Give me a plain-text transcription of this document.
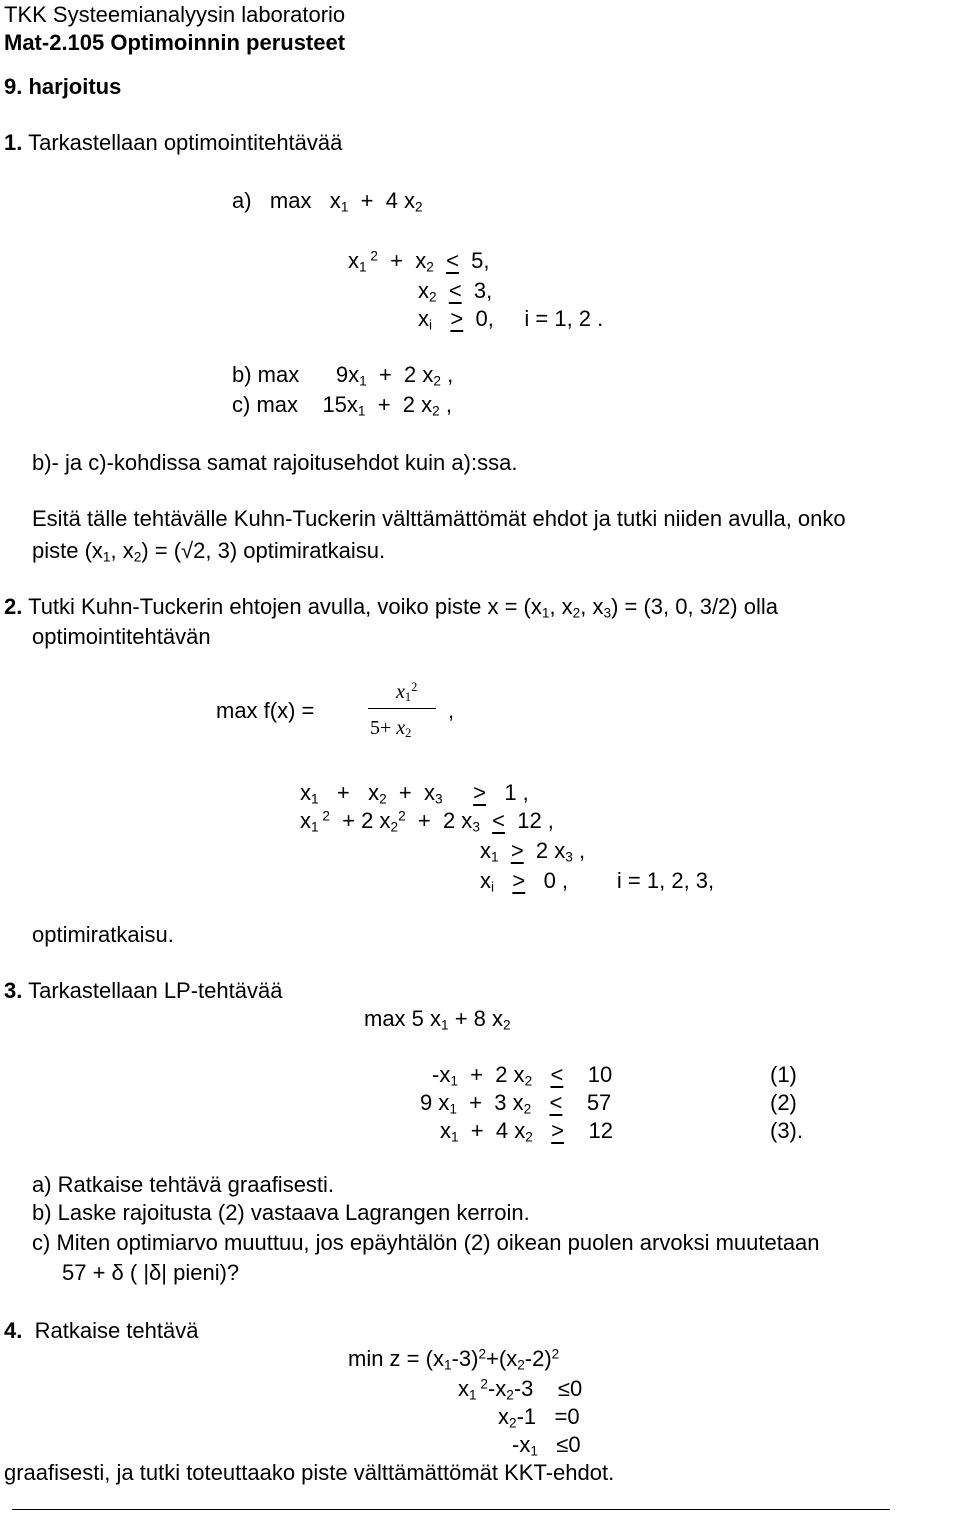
TKK Systeemianalyysin laboratorio
Mat-2.105 Optimoinnin perusteet
9. harjoitus
1. Tarkastellaan optimointitehtävää
a) $\max x_1 + 4$ $x_2$
$x_1$ $^2 + x_2 < 5$,
$x_2 < 3$,
$x_i > 0$,     i = 1, 2 .
b) max      $9x_1 + 2$ $x_2$ ,
c) max    $15x_1 + 2$ $x_2$ ,
b)- ja c)-kohdissa samat rajoitusehdot kuin a):ssa.
Esitä tälle tehtävälle Kuhn-Tuckerin välttämättömät ehdot ja tutki niiden avulla, onko
piste ($x_1$, $x_2) = (√2$, 3) optimiratkaisu.
2. Tutki Kuhn-Tuckerin ehtojen avulla, voiko piste $x = (x_1$, $x_2$, $x_3) = (3$, 0, 3/2) olla
optimointitehtävän
max f(x) =
$x_1^2$
$5+ x_2$
,
$x_1 + x_2 + x_3 > 1$ ,
$x_1$ $^2$  + 2 $x_2^2 + 2$ $x_3 < 12$ ,
$x_1 > 2$ $x_3$ ,
$x_i > 0$ ,        i = 1, 2, 3,
optimiratkaisu.
3. Tarkastellaan LP-tehtävää
max 5 $x_1 + 8$ $x_2$
$-x_1 + 2$ $x_2$ <    10
9 $x_1 + 3$ $x_2$ <    57
$x_1 + 4$ $x_2$ >    12
(1)
(2)
(3).
a) Ratkaise tehtävä graafisesti.
b) Laske rajoitusta (2) vastaava Lagrangen kerroin.
c) Miten optimiarvo muuttuu, jos epäyhtälön (2) oikean puolen arvoksi muutetaan
57 + δ ( |δ| pieni)?
4. Ratkaise tehtävä
$\min z = (x_1-3)^2+(x_2-2)^2$
$x_1$ $^2-x_2-3$    ≤0
$x_2-1 =0$
$-x_1 \le 0$
graafisesti, ja tutki toteuttaako piste välttämättömät KKT-ehdot.
